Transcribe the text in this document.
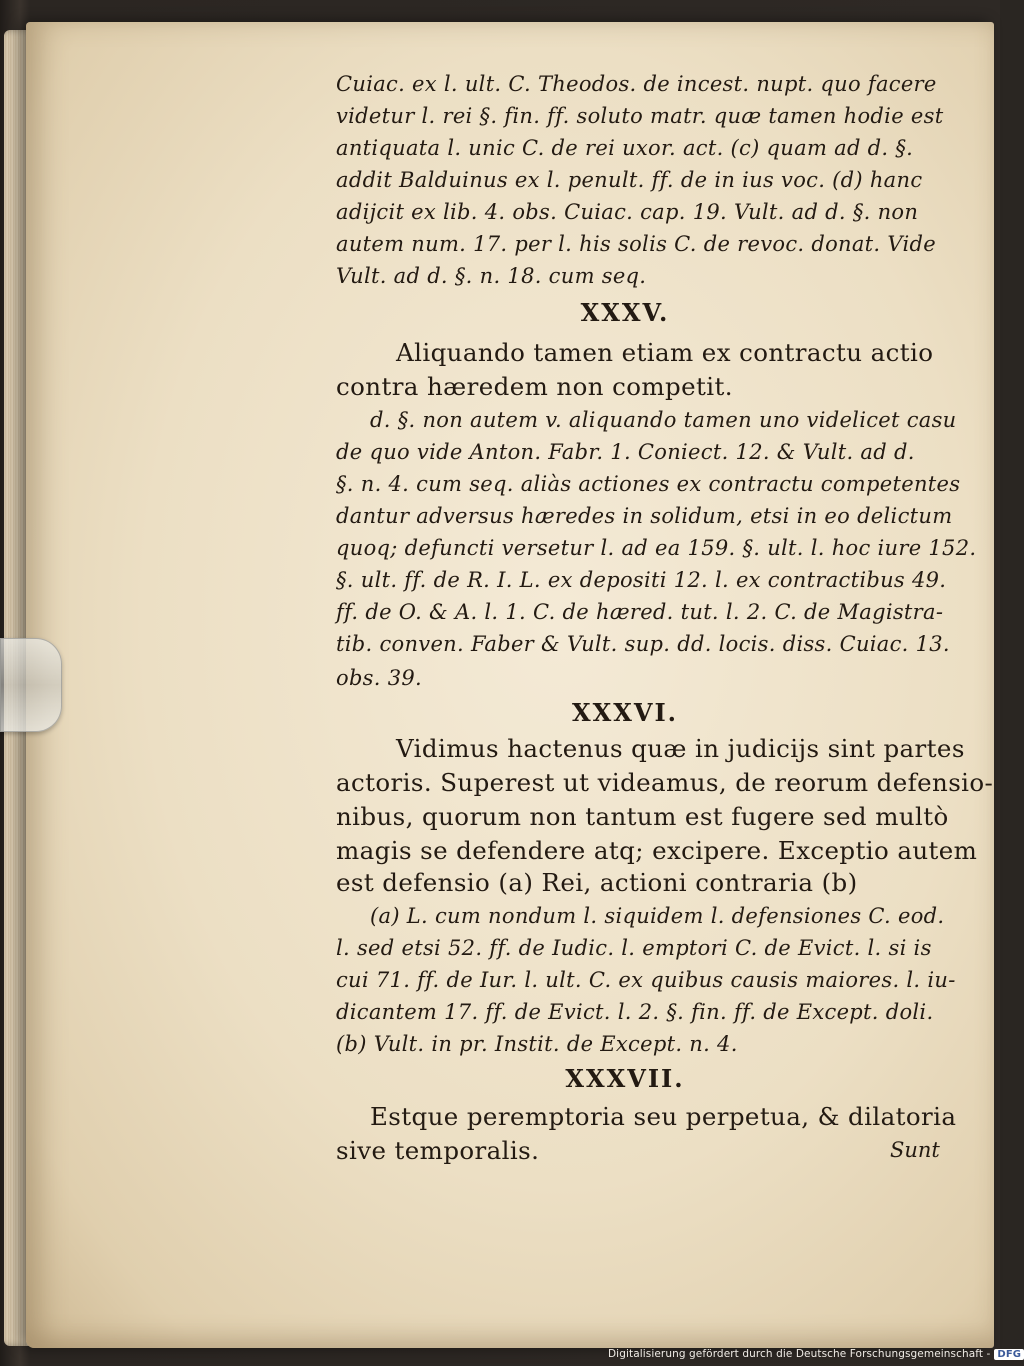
Cuiac. ex l. ult. C. Theodos. de incest. nupt. quo facere
videtur l. rei §. fin. ff. soluto matr. quæ tamen hodie est
antiquata l. unic C. de rei uxor. act. (c) quam ad d. §.
addit Balduinus ex l. penult. ff. de in ius voc. (d) hanc
adijcit ex lib. 4. obs. Cuiac. cap. 19. Vult. ad d. §. non
autem num. 17. per l. his solis C. de revoc. donat. Vide
Vult. ad d. §. n. 18. cum seq.
XXXV.
Aliquando tamen etiam ex contractu actio
contra hæredem non competit.
d. §. non autem v. aliquando tamen uno videlicet casu
de quo vide Anton. Fabr. 1. Coniect. 12. & Vult. ad d.
§. n. 4. cum seq. aliàs actiones ex contractu competentes
dantur adversus hæredes in solidum, etsi in eo delictum
quoq; defuncti versetur l. ad ea 159. §. ult. l. hoc iure 152.
§. ult. ff. de R. I. L. ex depositi 12. l. ex contractibus 49.
ff. de O. & A. l. 1. C. de hæred. tut. l. 2. C. de Magistra-
tib. conven. Faber & Vult. sup. dd. locis. diss. Cuiac. 13.
obs. 39.
XXXVI.
Vidimus hactenus quæ in judicijs sint partes
actoris. Superest ut videamus, de reorum defensio-
nibus, quorum non tantum est fugere sed multò
magis se defendere atq; excipere. Exceptio autem
est defensio (a) Rei, actioni contraria (b)
(a) L. cum nondum l. siquidem l. defensiones C. eod.
l. sed etsi 52. ff. de Iudic. l. emptori C. de Evict. l. si is
cui 71. ff. de Iur. l. ult. C. ex quibus causis maiores. l. iu-
dicantem 17. ff. de Evict. l. 2. §. fin. ff. de Except. doli.
(b) Vult. in pr. Instit. de Except. n. 4.
XXXVII.
Estque peremptoria seu perpetua, & dilatoria
sive temporalis.	Sunt
Digitalisierung gefördert durch die Deutsche Forschungsgemeinschaft - DFG
